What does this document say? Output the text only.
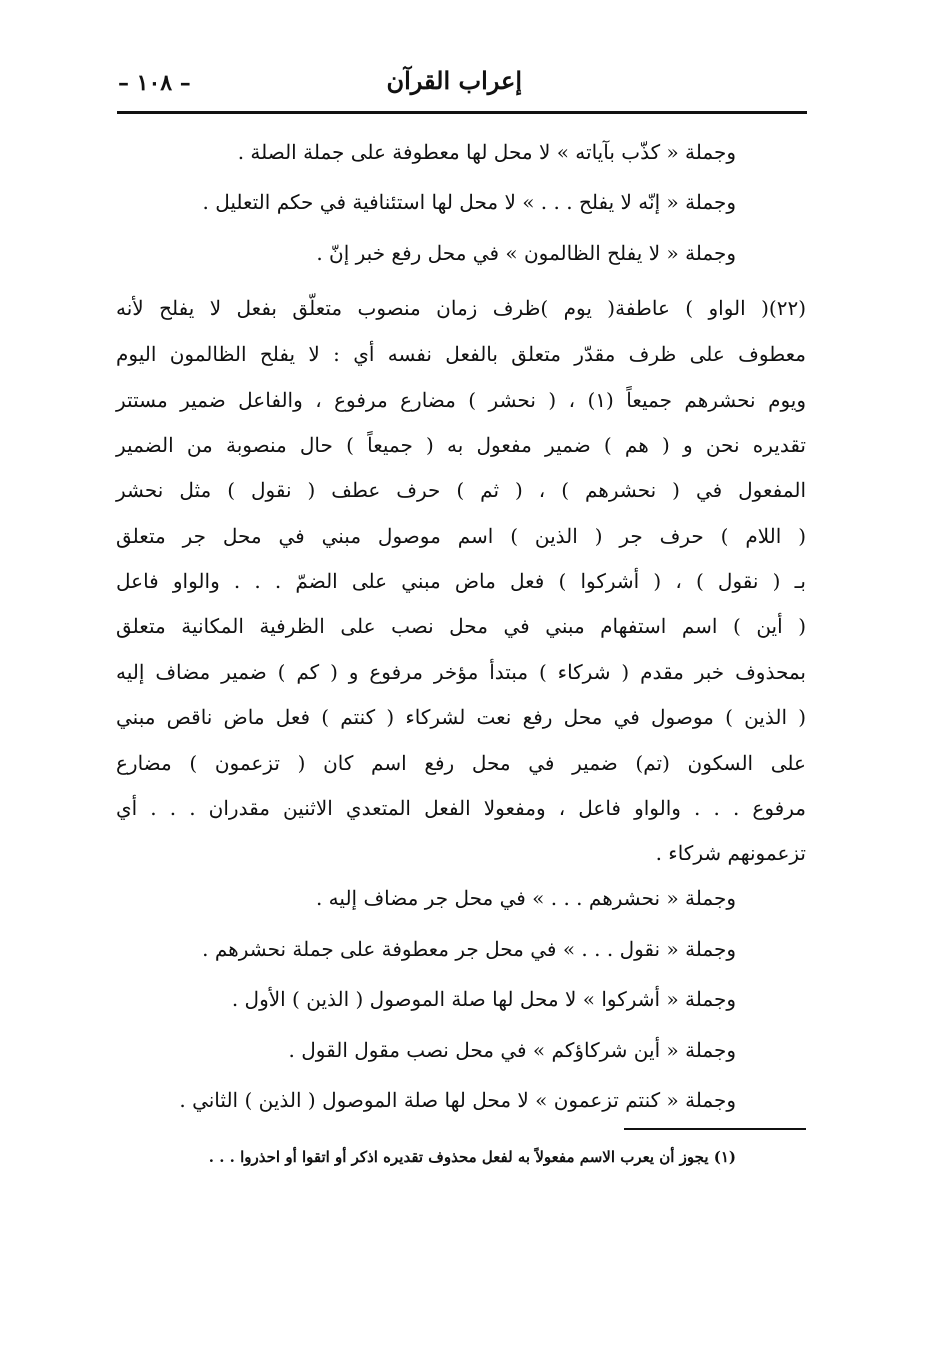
إعراب القرآن
– ١٠٨ –
وجملة « كذّب بآياته » لا محل لها معطوفة على جملة الصلة .
وجملة « إنّه لا يفلح . . . » لا محل لها استئنافية في حكم التعليل .
وجملة « لا يفلح الظالمون » في محل رفع خبر إنّ .
(٢٢)( الواو ) عاطفة( يوم )ظرف زمان منصوب متعلّق بفعل لا يفلح لأنه
معطوف على ظرف مقدّر متعلق بالفعل نفسه أي : لا يفلح الظالمون اليوم
ويوم نحشرهم جميعاً (١) ، ( نحشر ) مضارع مرفوع ، والفاعل ضمير مستتر
تقديره نحن و ( هم ) ضمير مفعول به ( جميعاً ) حال منصوبة من الضمير
المفعول في ( نحشرهم ) ، ( ثم ) حرف عطف ( نقول ) مثل نحشر
( اللام ) حرف جر ( الذين ) اسم موصول مبني في محل جر متعلق
بـ ( نقول ) ، ( أشركوا ) فعل ماض مبني على الضمّ . . . والواو فاعل
( أين ) اسم استفهام مبني في محل نصب على الظرفية المكانية متعلق
بمحذوف خبر مقدم ( شركاء ) مبتدأ مؤخر مرفوع و ( كم ) ضمير مضاف إليه
( الذين ) موصول في محل رفع نعت لشركاء ( كنتم ) فعل ماض ناقص مبني
على السكون (تم) ضمير في محل رفع اسم كان ( تزعمون ) مضارع
مرفوع . . . والواو فاعل ، ومفعولا الفعل المتعدي الاثنين مقدران . . . أي
تزعمونهم شركاء .
وجملة « نحشرهم . . . » في محل جر مضاف إليه .
وجملة « نقول . . . » في محل جر معطوفة على جملة نحشرهم .
وجملة « أشركوا » لا محل لها صلة الموصول ( الذين ) الأول .
وجملة « أين شركاؤكم » في محل نصب مقول القول .
وجملة « كنتم تزعمون » لا محل لها صلة الموصول ( الذين ) الثاني .
(١) يجوز أن يعرب الاسم مفعولاً به لفعل محذوف تقديره اذكر أو اتقوا أو احذروا . . .
